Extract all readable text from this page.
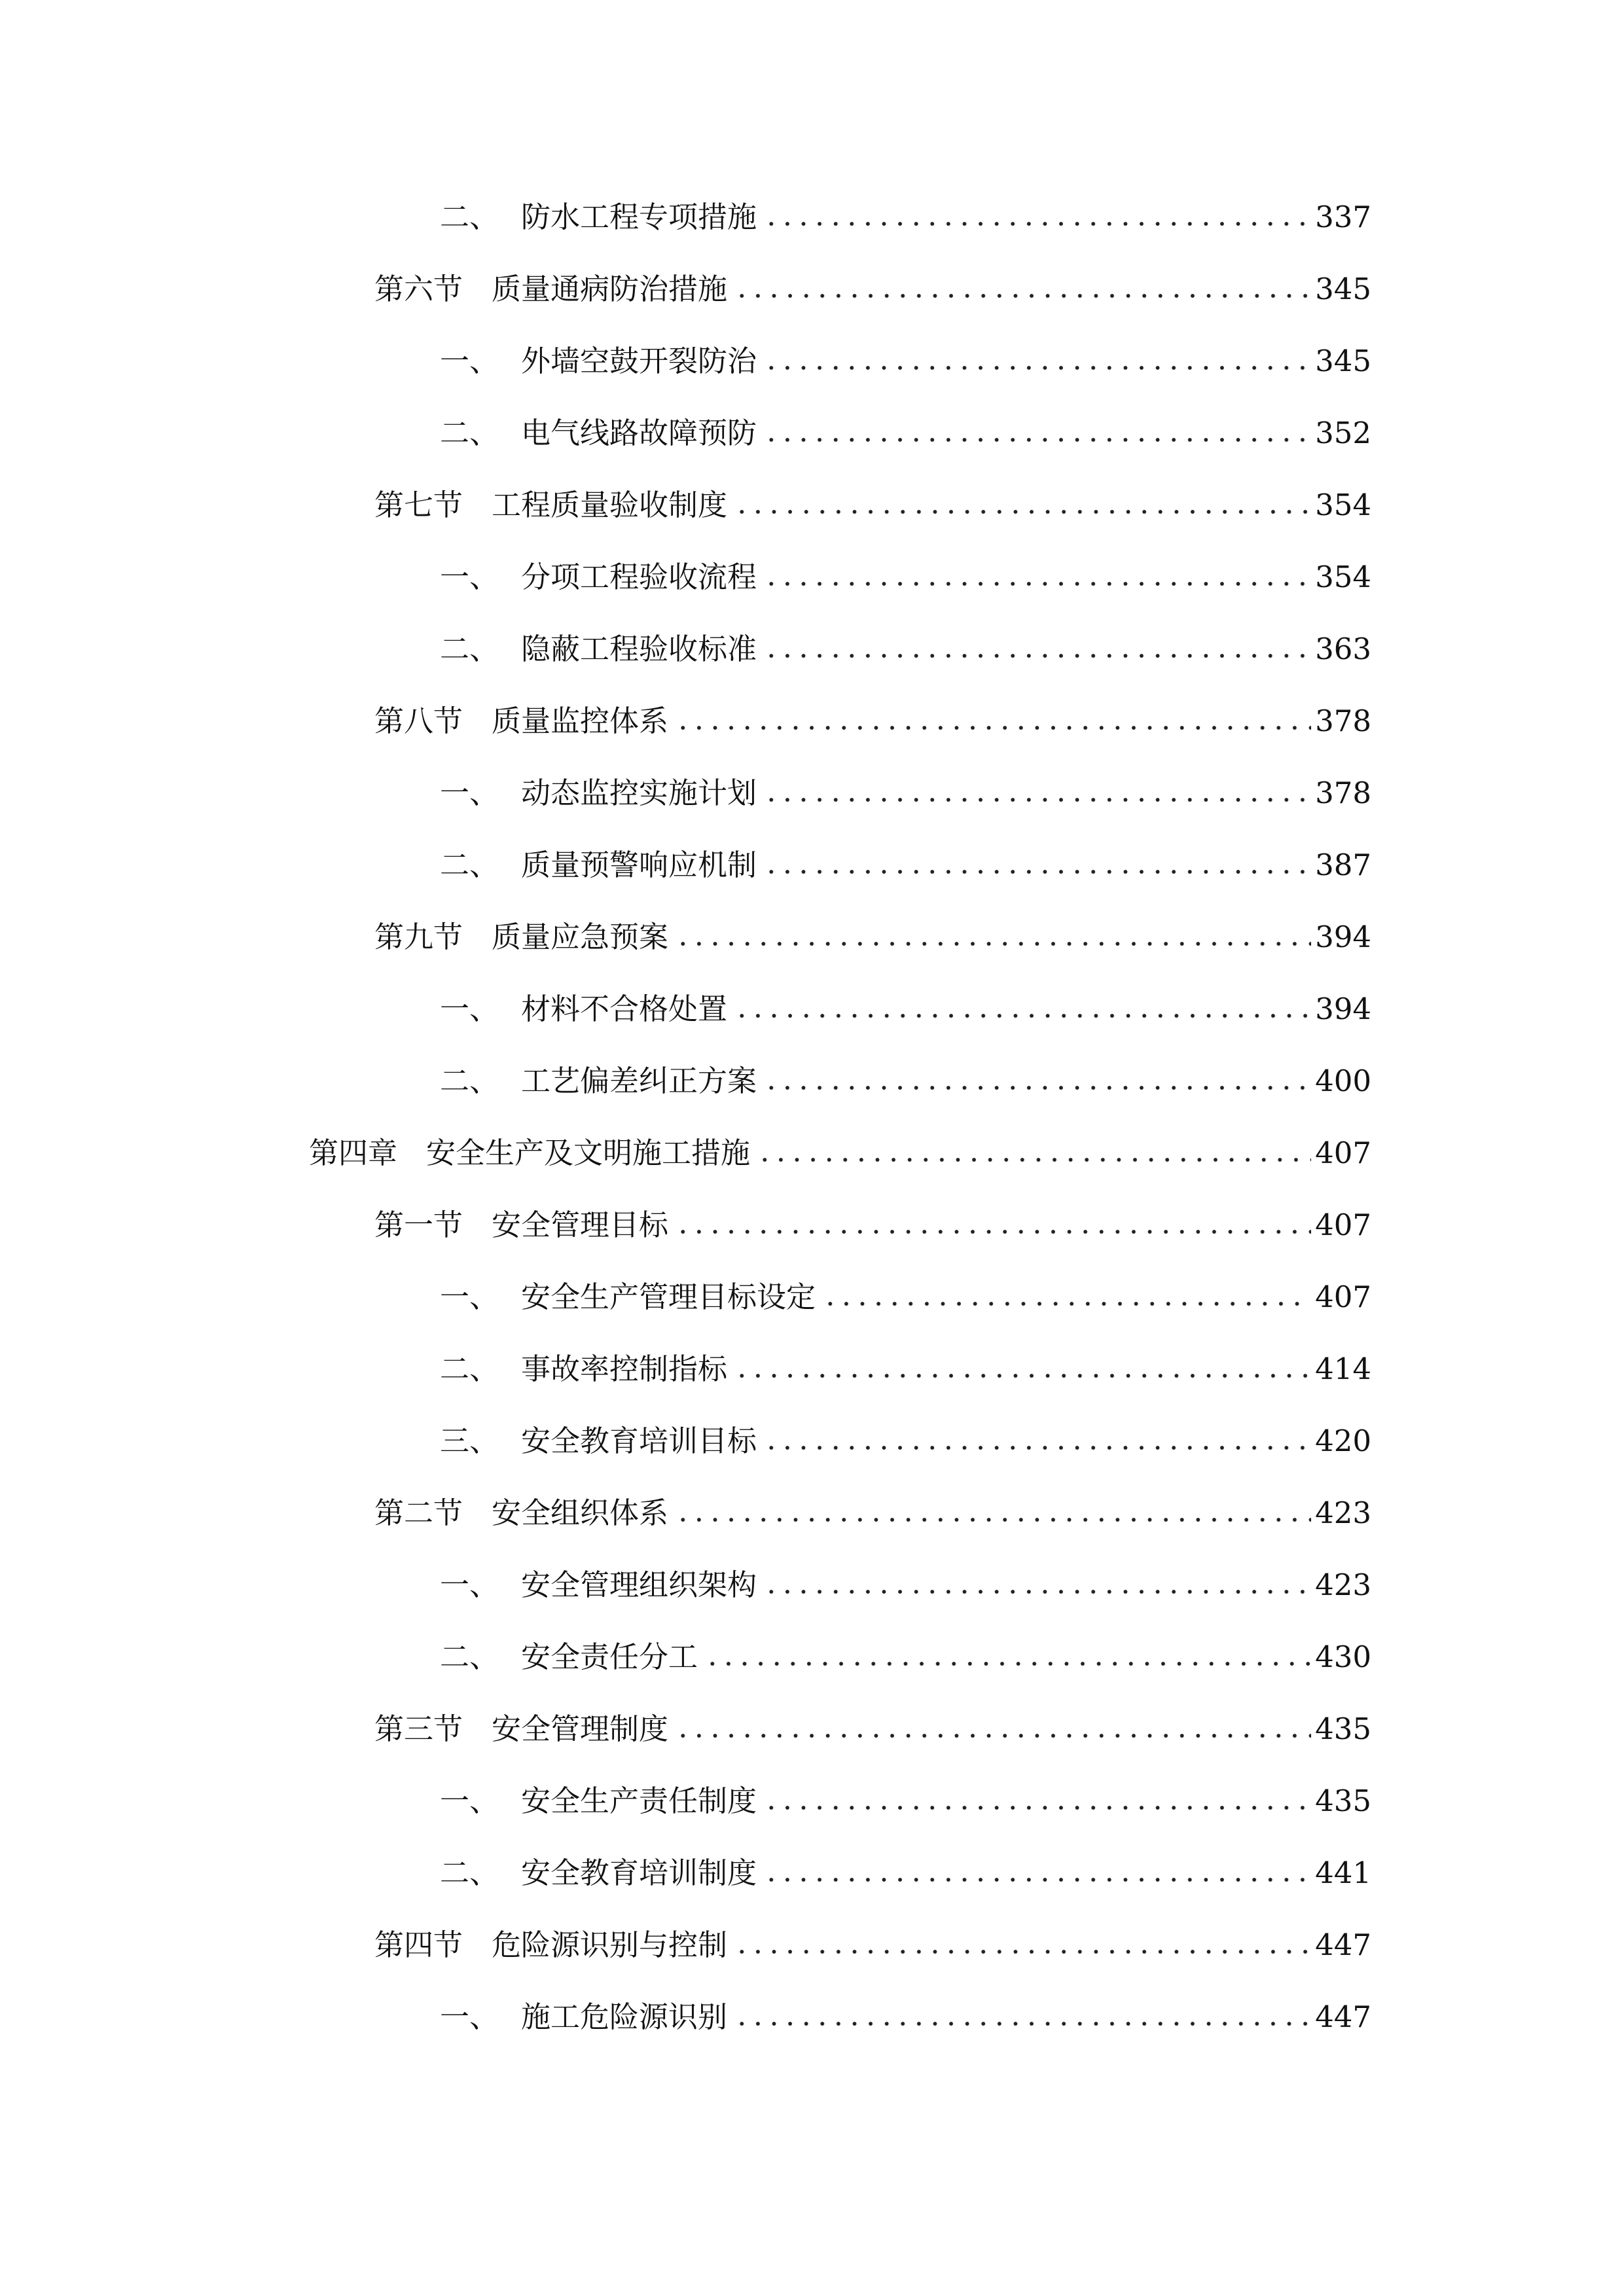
二、 防水工程专项措施	337
第六节 质量通病防治措施	345
一、 外墙空鼓开裂防治	345
二、 电气线路故障预防	352
第七节 工程质量验收制度	354
一、 分项工程验收流程	354
二、 隐蔽工程验收标准	363
第八节 质量监控体系	378
一、 动态监控实施计划	378
二、 质量预警响应机制	387
第九节 质量应急预案	394
一、 材料不合格处置	394
二、 工艺偏差纠正方案	400
第四章 安全生产及文明施工措施	407
第一节 安全管理目标	407
一、 安全生产管理目标设定	407
二、 事故率控制指标	414
三、 安全教育培训目标	420
第二节 安全组织体系	423
一、 安全管理组织架构	423
二、 安全责任分工	430
第三节 安全管理制度	435
一、 安全生产责任制度	435
二、 安全教育培训制度	441
第四节 危险源识别与控制	447
一、 施工危险源识别	447
